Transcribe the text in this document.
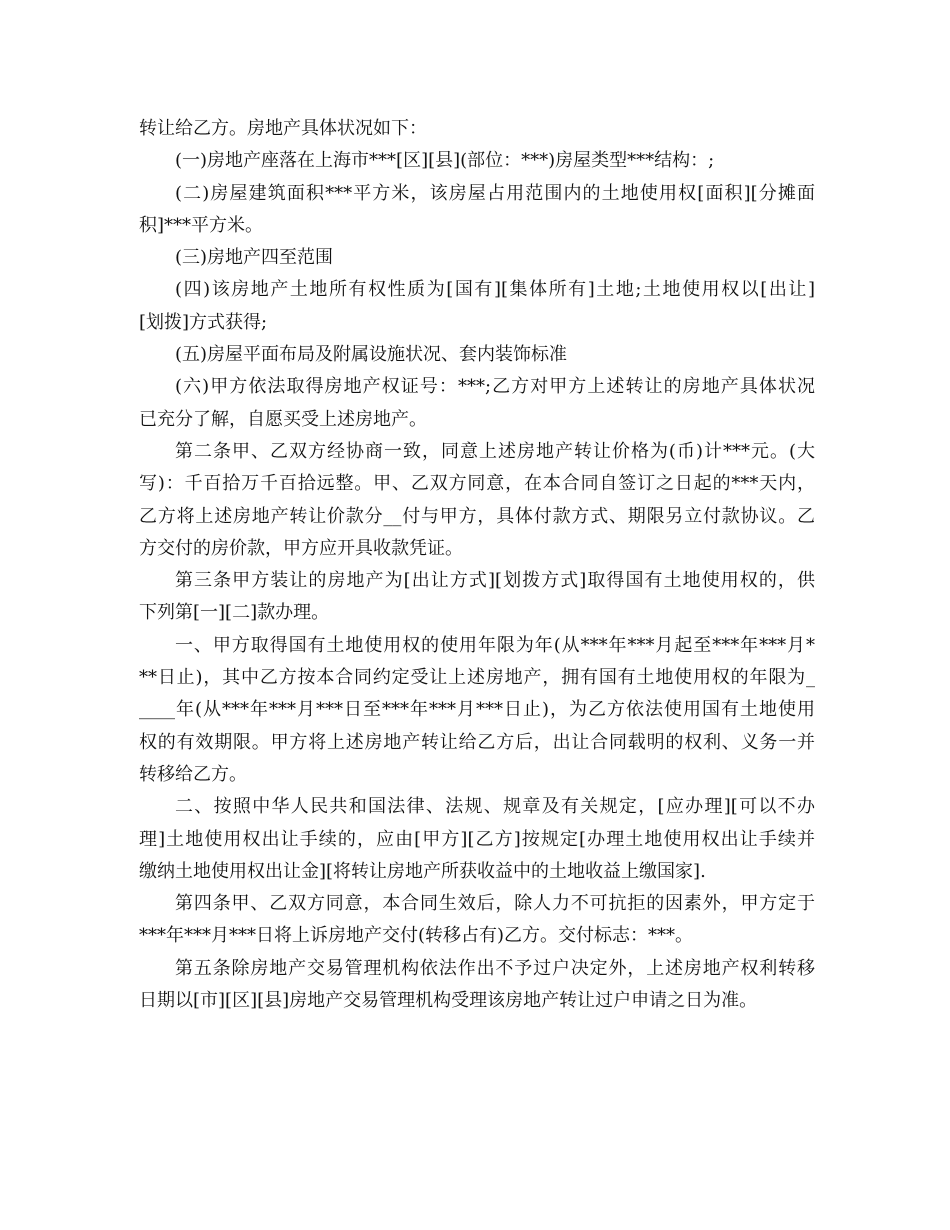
转让给乙方。房地产具体状况如下：
(一)房地产座落在上海市***[区][县](部位：***)房屋类型***结构：;
(二)房屋建筑面积***平方米，该房屋占用范围内的土地使用权[面积][分摊面
积]***平方米。
(三)房地产四至范围
(四)该房地产土地所有权性质为[国有][集体所有]土地;土地使用权以[出让]
[划拨]方式获得;
(五)房屋平面布局及附属设施状况、套内装饰标准
(六)甲方依法取得房地产权证号：***;乙方对甲方上述转让的房地产具体状况
已充分了解，自愿买受上述房地产。
第二条甲、乙双方经协商一致，同意上述房地产转让价格为(币)计***元。(大
写)：千百拾万千百拾远整。甲、乙双方同意，在本合同自签订之日起的***天内，
乙方将上述房地产转让价款分__付与甲方，具体付款方式、期限另立付款协议。乙
方交付的房价款，甲方应开具收款凭证。
第三条甲方装让的房地产为[出让方式][划拨方式]取得国有土地使用权的，供
下列第[一][二]款办理。
一、甲方取得国有土地使用权的使用年限为年(从***年***月起至***年***月*
**日止)，其中乙方按本合同约定受让上述房地产，拥有国有土地使用权的年限为_
____年(从***年***月***日至***年***月***日止)，为乙方依法使用国有土地使用
权的有效期限。甲方将上述房地产转让给乙方后，出让合同载明的权利、义务一并
转移给乙方。
二、按照中华人民共和国法律、法规、规章及有关规定，[应办理][可以不办
理]土地使用权出让手续的，应由[甲方][乙方]按规定[办理土地使用权出让手续并
缴纳土地使用权出让金][将转让房地产所获收益中的土地收益上缴国家].
第四条甲、乙双方同意，本合同生效后，除人力不可抗拒的因素外，甲方定于
***年***月***日将上诉房地产交付(转移占有)乙方。交付标志：***。
第五条除房地产交易管理机构依法作出不予过户决定外，上述房地产权利转移
日期以[市][区][县]房地产交易管理机构受理该房地产转让过户申请之日为准。
